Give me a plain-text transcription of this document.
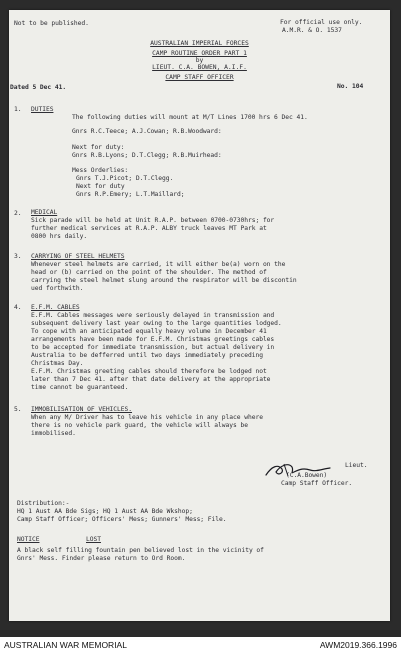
Not to be published.	For official use only.
A.M.R. & O. 1537
AUSTRALIAN IMPERIAL FORCES
CAMP ROUTINE ORDER PART 1
by
LIEUT. C.A. BOWEN, A.I.F.
CAMP STAFF OFFICER
Dated 5 Dec 41.	No. 104
1. DUTIES
The following duties will mount at M/T Lines 1700 hrs 6 Dec 41.
Gnrs R.C.Teece; A.J.Cowan; R.B.Woodward:
Next for duty:
Gnrs R.B.Lyons; D.T.Clegg; R.B.Muirhead:
Mess Orderlies:
Gnrs T.J.Picot; D.T.Clegg.
Next for duty
Gnrs R.P.Emery; L.T.Maillard;
2. MEDICAL
Sick parade will be held at Unit R.A.P. between 0700-0730hrs; for
further medical services at R.A.P. ALBY truck leaves MT Park at
0800 hrs daily.
3. CARRYING OF STEEL HELMETS
Whenever steel helmets are carried, it will either be(a) worn on the
head or (b) carried on the point of the shoulder. The method of
carrying the steel helmet slung around the respirator will be discontin
ued forthwith.
4. E.F.M. CABLES
E.F.M. Cables messages were seriously delayed in transmission and
subsequent delivery last year owing to the large quantities lodged.
To cope with an anticipated equally heavy volume in December 41
arrangements have been made for E.F.M. Christmas greetings cables
to be accepted for immediate transmission, but actual delivery in
Australia to be defferred until two days immediately preceding
Christmas Day.
E.F.M. Christmas greeting cables should therefore be lodged not
later than 7 Dec 41. after that date delivery at the appropriate
time cannot be guaranteed.
5. IMMOBILISATION OF VEHICLES.
When any M/ Driver has to leave his vehicle in any place where
there is no vehicle park guard, the vehicle will always be
immobilised.
Lieut.
(C.A.Bowen)
Camp Staff Officer.
Distribution:-
HQ 1 Aust AA Bde Sigs; HQ 1 Aust AA Bde Wkshop;
Camp Staff Officer; Officers' Mess; Gunners' Mess; File.
NOTICE	LOST
A black self filling fountain pen believed lost in the vicinity of
Gnrs' Mess. Finder please return to Ord Room.
AUSTRALIAN WAR MEMORIAL	AWM2019.366.1996
